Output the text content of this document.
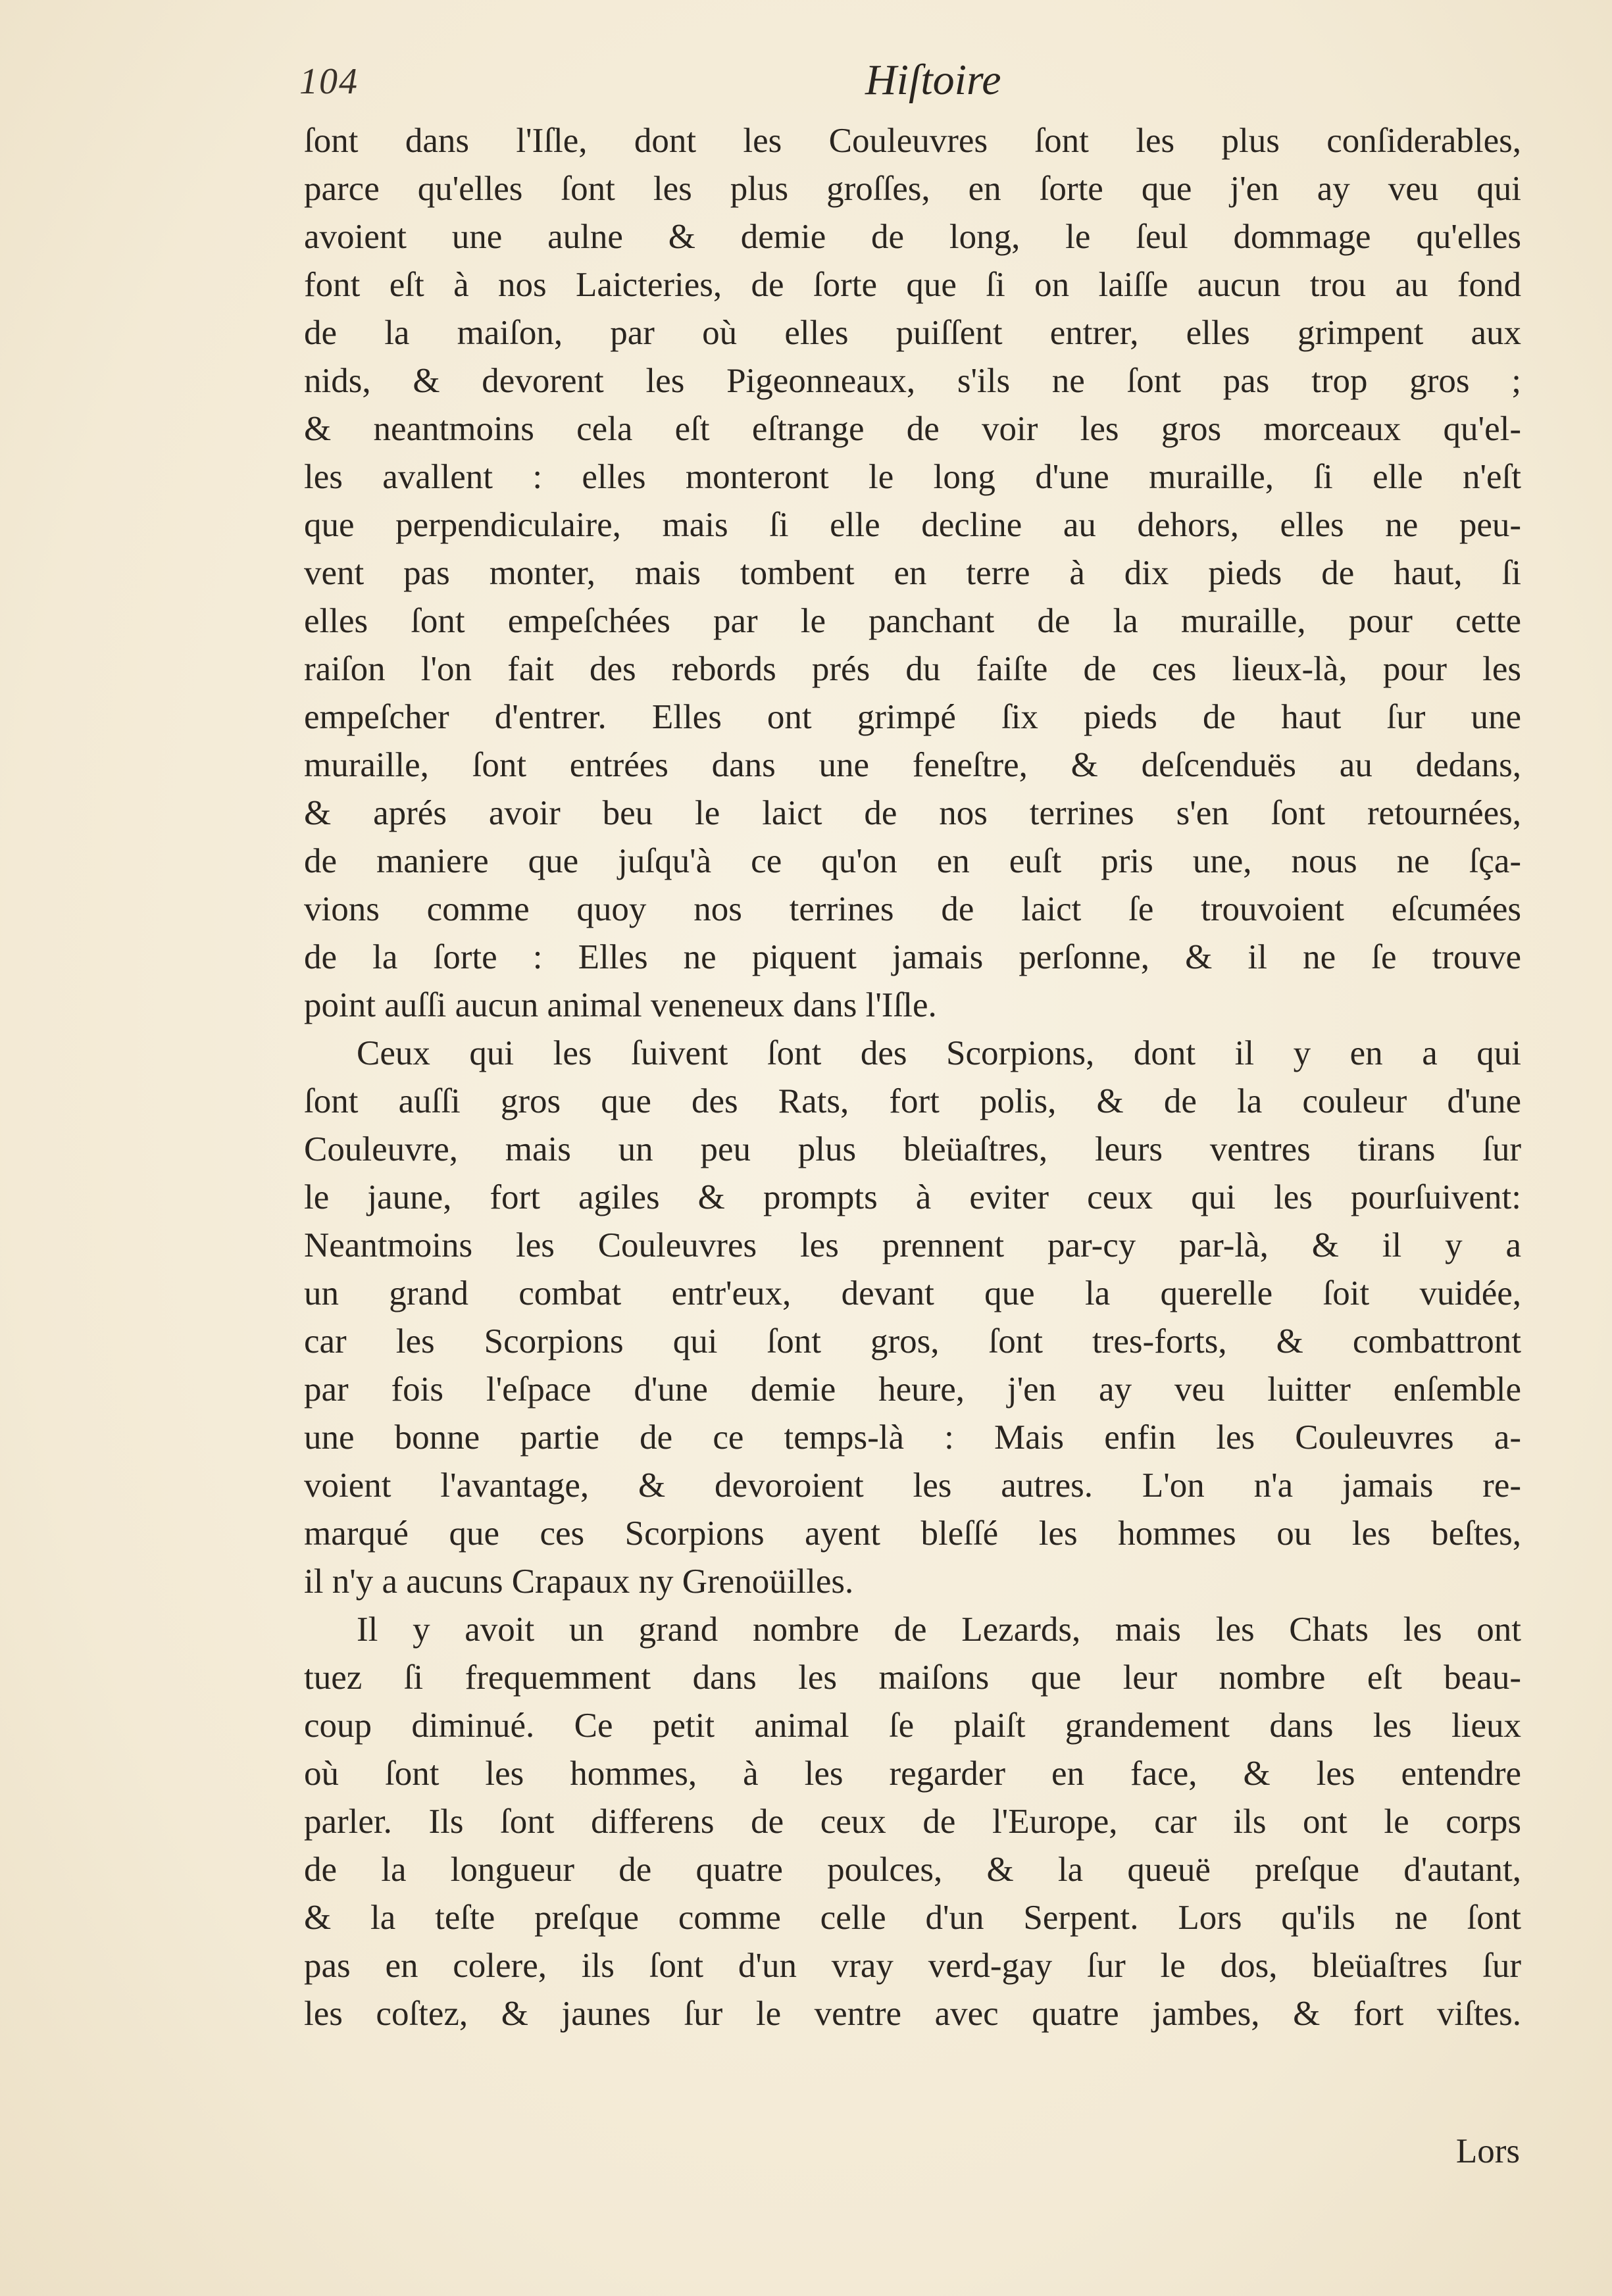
104	Hiſtoire
ſont dans l'Iſle, dont les Couleuvres ſont les plus conſiderables,
parce qu'elles ſont les plus groſſes, en ſorte que j'en ay veu qui
avoient une aulne & demie de long, le ſeul dommage qu'elles
font eſt à nos Laicteries, de ſorte que ſi on laiſſe aucun trou au fond
de la maiſon, par où elles puiſſent entrer, elles grimpent aux
nids, & devorent les Pigeonneaux, s'ils ne ſont pas trop gros ;
& neantmoins cela eſt eſtrange de voir les gros morceaux qu'el-
les avallent : elles monteront le long d'une muraille, ſi elle n'eſt
que perpendiculaire, mais ſi elle decline au dehors, elles ne peu-
vent pas monter, mais tombent en terre à dix pieds de haut, ſi
elles ſont empeſchées par le panchant de la muraille, pour cette
raiſon l'on fait des rebords prés du faiſte de ces lieux-là, pour les
empeſcher d'entrer. Elles ont grimpé ſix pieds de haut ſur une
muraille, ſont entrées dans une feneſtre, & deſcenduës au dedans,
& aprés avoir beu le laict de nos terrines s'en ſont retournées,
de maniere que juſqu'à ce qu'on en euſt pris une, nous ne ſça-
vions comme quoy nos terrines de laict ſe trouvoient eſcumées
de la ſorte : Elles ne piquent jamais perſonne, & il ne ſe trouve
point auſſi aucun animal veneneux dans l'Iſle.
Ceux qui les ſuivent ſont des Scorpions, dont il y en a qui
ſont auſſi gros que des Rats, fort polis, & de la couleur d'une
Couleuvre, mais un peu plus bleüaſtres, leurs ventres tirans ſur
le jaune, fort agiles & prompts à eviter ceux qui les pourſuivent:
Neantmoins les Couleuvres les prennent par-cy par-là, & il y a
un grand combat entr'eux, devant que la querelle ſoit vuidée,
car les Scorpions qui ſont gros, ſont tres-forts, & combattront
par fois l'eſpace d'une demie heure, j'en ay veu luitter enſemble
une bonne partie de ce temps-là : Mais enfin les Couleuvres a-
voient l'avantage, & devoroient les autres. L'on n'a jamais re-
marqué que ces Scorpions ayent bleſſé les hommes ou les beſtes,
il n'y a aucuns Crapaux ny Grenoüilles.
Il y avoit un grand nombre de Lezards, mais les Chats les ont
tuez ſi frequemment dans les maiſons que leur nombre eſt beau-
coup diminué. Ce petit animal ſe plaiſt grandement dans les lieux
où ſont les hommes, à les regarder en face, & les entendre
parler. Ils ſont differens de ceux de l'Europe, car ils ont le corps
de la longueur de quatre poulces, & la queuë preſque d'autant,
& la teſte preſque comme celle d'un Serpent. Lors qu'ils ne ſont
pas en colere, ils ſont d'un vray verd-gay ſur le dos, bleüaſtres ſur
les coſtez, & jaunes ſur le ventre avec quatre jambes, & fort viſtes.
Lors
